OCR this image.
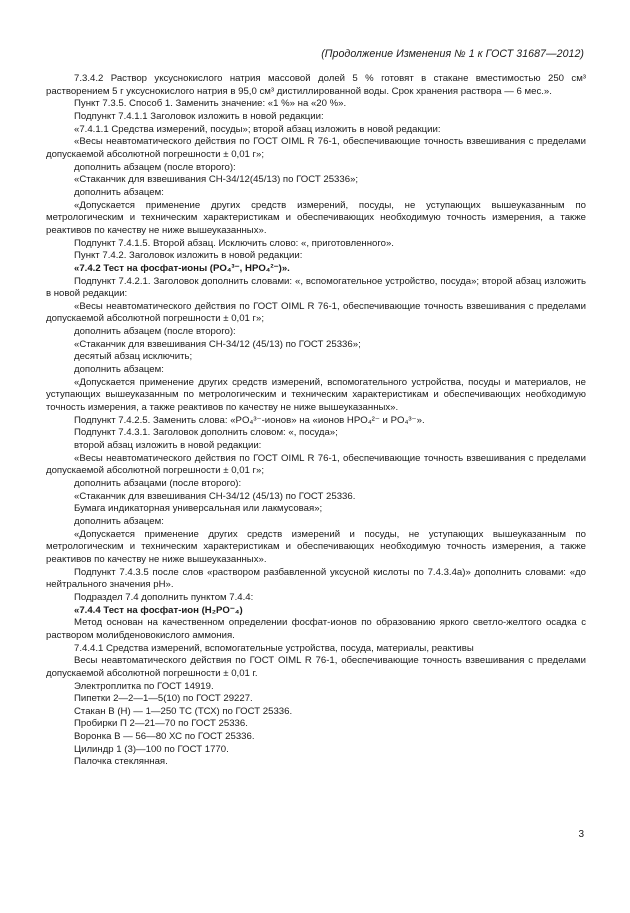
(Продолжение Изменения № 1 к ГОСТ 31687—2012)

7.3.4.2 Раствор уксуснокислого натрия массовой долей 5 % готовят в стакане вместимостью 250 см³ растворением 5 г уксуснокислого натрия в 95,0 см³ дистиллированной воды. Срок хранения раствора — 6 мес.».

Пункт 7.3.5. Способ 1. Заменить значение: «1 %» на «20 %».

Подпункт 7.4.1.1 Заголовок изложить в новой редакции:

«7.4.1.1 Средства измерений, посуды»; второй абзац изложить в новой редакции:

«Весы неавтоматического действия по ГОСТ OIML R 76-1, обеспечивающие точность взвешивания с пределами допускаемой абсолютной погрешности ± 0,01 г»;

дополнить абзацем (после второго):

«Стаканчик для взвешивания СН-34/12(45/13) по ГОСТ 25336»;

дополнить абзацем:

«Допускается применение других средств измерений, посуды, не уступающих вышеуказанным по метрологическим и техническим характеристикам и обеспечивающих необходимую точность измерения, а также реактивов по качеству не ниже вышеуказанных».

Подпункт 7.4.1.5. Второй абзац. Исключить слово: «, приготовленного».

Пункт 7.4.2. Заголовок изложить в новой редакции:

«7.4.2 Тест на фосфат-ионы (PO₄³⁻, HPO₄²⁻)».

Подпункт 7.4.2.1. Заголовок дополнить словами: «, вспомогательное устройство, посуда»; второй абзац изложить в новой редакции:

«Весы неавтоматического действия по ГОСТ OIML R 76-1, обеспечивающие точность взвешивания с пределами допускаемой абсолютной погрешности ± 0,01 г»;

дополнить абзацем (после второго):

«Стаканчик для взвешивания СН-34/12 (45/13) по ГОСТ 25336»;

десятый абзац исключить;

дополнить абзацем:

«Допускается применение других средств измерений, вспомогательного устройства, посуды и материалов, не уступающих вышеуказанным по метрологическим и техническим характеристикам и обеспечивающих необходимую точность измерения, а также реактивов по качеству не ниже вышеуказанных».

Подпункт 7.4.2.5. Заменить слова: «PO₄³⁻-ионов» на «ионов HPO₄²⁻ и PO₄³⁻».

Подпункт 7.4.3.1. Заголовок дополнить словом: «, посуда»;

второй абзац изложить в новой редакции:

«Весы неавтоматического действия по ГОСТ OIML R 76-1, обеспечивающие точность взвешивания с пределами допускаемой абсолютной погрешности ± 0,01 г»;

дополнить абзацами (после второго):

«Стаканчик для взвешивания СН-34/12 (45/13) по ГОСТ 25336.

Бумага индикаторная универсальная или лакмусовая»;

дополнить абзацем:

«Допускается применение других средств измерений и посуды, не уступающих вышеуказанным по метрологическим и техническим характеристикам и обеспечивающих необходимую точность измерения, а также реактивов по качеству не ниже вышеуказанных».

Подпункт 7.4.3.5 после слов «раствором разбавленной уксусной кислоты по 7.4.3.4а)» дополнить словами: «до нейтрального значения рН».

Подраздел 7.4 дополнить пунктом 7.4.4:

«7.4.4 Тест на фосфат-ион (H₂PO⁻₄)

Метод основан на качественном определении фосфат-ионов по образованию яркого светло-желтого осадка с раствором молибденовокислого аммония.

7.4.4.1 Средства измерений, вспомогательные устройства, посуда, материалы, реактивы

Весы неавтоматического действия по ГОСТ OIML R 76-1, обеспечивающие точность взвешивания с пределами допускаемой абсолютной погрешности ± 0,01 г.

Электроплитка по ГОСТ 14919.

Пипетки 2—2—1—5(10) по ГОСТ 29227.

Стакан В (Н) — 1—250 ТС (ТСХ) по ГОСТ 25336.

Пробирки П 2—21—70 по ГОСТ 25336.

Воронка В — 56—80 ХС по ГОСТ 25336.

Цилиндр 1 (3)—100 по ГОСТ 1770.

Палочка стеклянная.

3
